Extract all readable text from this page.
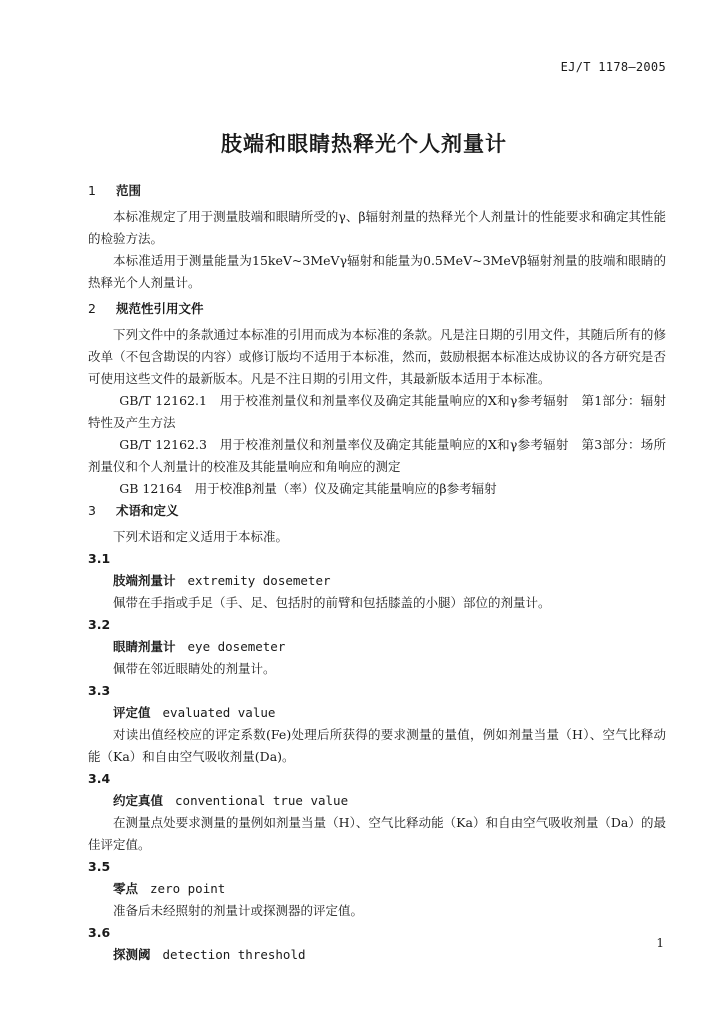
EJ/T 1178—2005
肢端和眼睛热释光个人剂量计
1 范围

本标准规定了用于测量肢端和眼睛所受的γ、β辐射剂量的热释光个人剂量计的性能要求和确定其性能的检验方法。

本标准适用于测量能量为15keV~3MeVγ辐射和能量为0.5MeV~3MeVβ辐射剂量的肢端和眼睛的热释光个人剂量计。

2 规范性引用文件

下列文件中的条款通过本标准的引用而成为本标准的条款。凡是注日期的引用文件，其随后所有的修改单（不包含勘误的内容）或修订版均不适用于本标准，然而，鼓励根据本标准达成协议的各方研究是否可使用这些文件的最新版本。凡是不注日期的引用文件，其最新版本适用于本标准。

GB/T 12162.1　用于校准剂量仪和剂量率仪及确定其能量响应的X和γ参考辐射　第1部分：辐射特性及产生方法

GB/T 12162.3　用于校准剂量仪和剂量率仪及确定其能量响应的X和γ参考辐射　第3部分：场所剂量仪和个人剂量计的校准及其能量响应和角响应的测定

GB 12164　用于校准β剂量（率）仪及确定其能量响应的β参考辐射

3 术语和定义

下列术语和定义适用于本标准。

3.1
肢端剂量计 extremity dosemeter

佩带在手指或手足（手、足、包括肘的前臂和包括膝盖的小腿）部位的剂量计。

3.2
眼睛剂量计 eye dosemeter

佩带在邻近眼睛处的剂量计。

3.3
评定值 evaluated value

对读出值经校应的评定系数(Fe)处理后所获得的要求测量的量值，例如剂量当量（H）、空气比释动能（Ka）和自由空气吸收剂量(Da)。

3.4
约定真值 conventional true value

在测量点处要求测量的量例如剂量当量（H）、空气比释动能（Ka）和自由空气吸收剂量（Da）的最佳评定值。

3.5
零点 zero point

准备后未经照射的剂量计或探测器的评定值。

3.6
探测阈 detection threshold
1
